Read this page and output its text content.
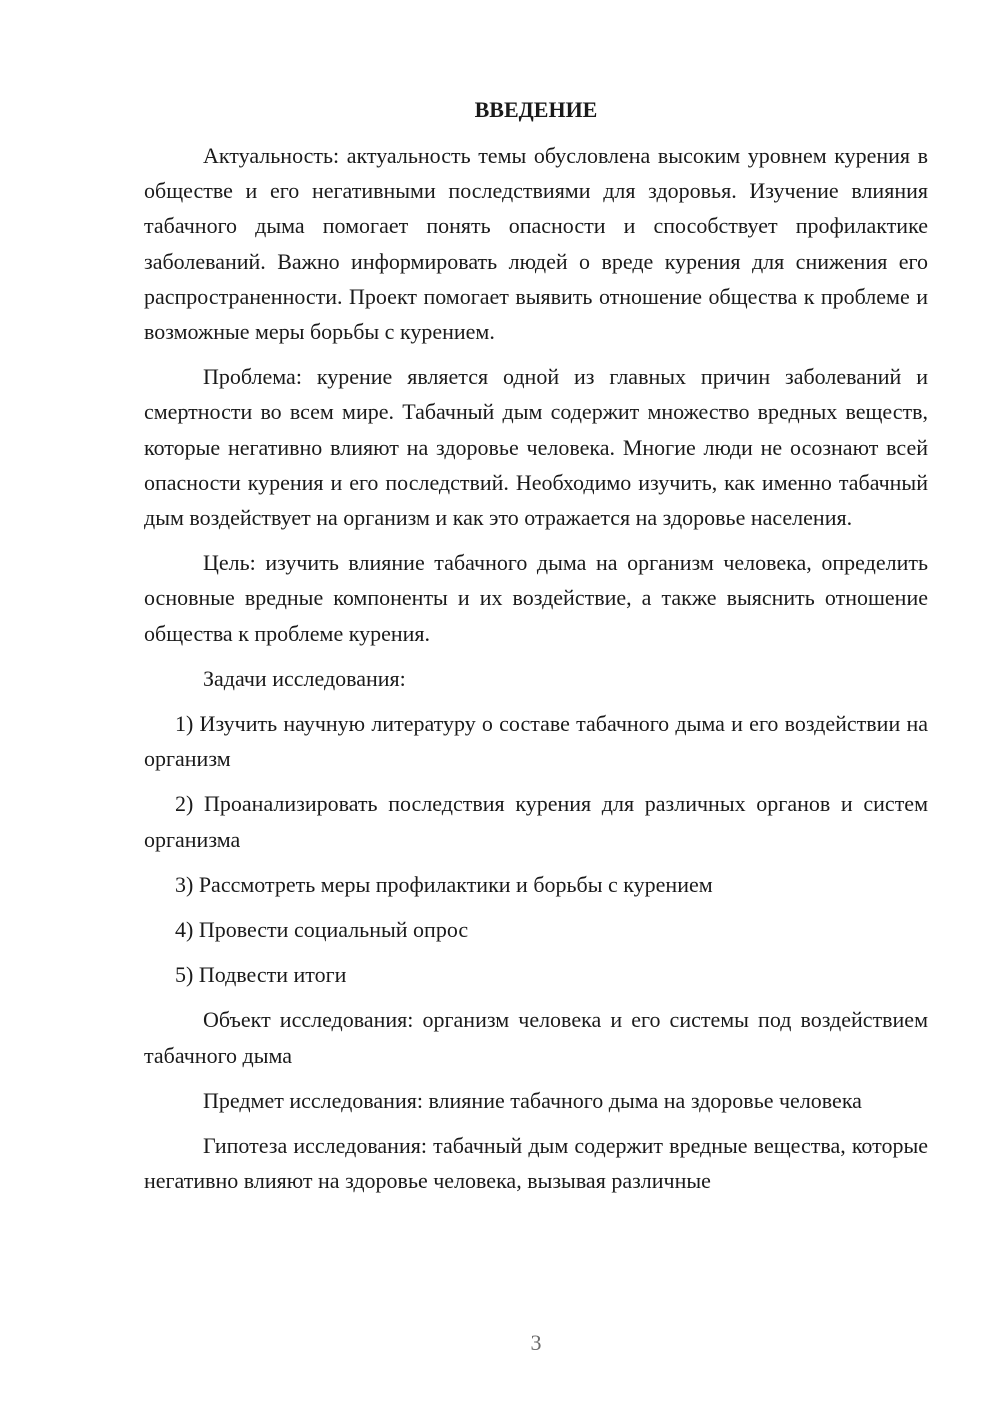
ВВЕДЕНИЕ

Актуальность: актуальность темы обусловлена высоким уровнем курения в обществе и его негативными последствиями для здоровья. Изучение влияния табачного дыма помогает понять опасности и способствует профилактике заболеваний. Важно информировать людей о вреде курения для снижения его распространенности. Проект помогает выявить отношение общества к проблеме и возможные меры борьбы с курением.

Проблема: курение является одной из главных причин заболеваний и смертности во всем мире. Табачный дым содержит множество вредных веществ, которые негативно влияют на здоровье человека. Многие люди не осознают всей опасности курения и его последствий. Необходимо изучить, как именно табачный дым воздействует на организм и как это отражается на здоровье населения.

Цель: изучить влияние табачного дыма на организм человека, определить основные вредные компоненты и их воздействие, а также выяснить отношение общества к проблеме курения.

Задачи исследования:

1) Изучить научную литературу о составе табачного дыма и его воздействии на организм

2) Проанализировать последствия курения для различных органов и систем организма

3) Рассмотреть меры профилактики и борьбы с курением

4) Провести социальный опрос

5) Подвести итоги

Объект исследования: организм человека и его системы под воздействием табачного дыма

Предмет исследования: влияние табачного дыма на здоровье человека

Гипотеза исследования: табачный дым содержит вредные вещества, которые негативно влияют на здоровье человека, вызывая различные

3
